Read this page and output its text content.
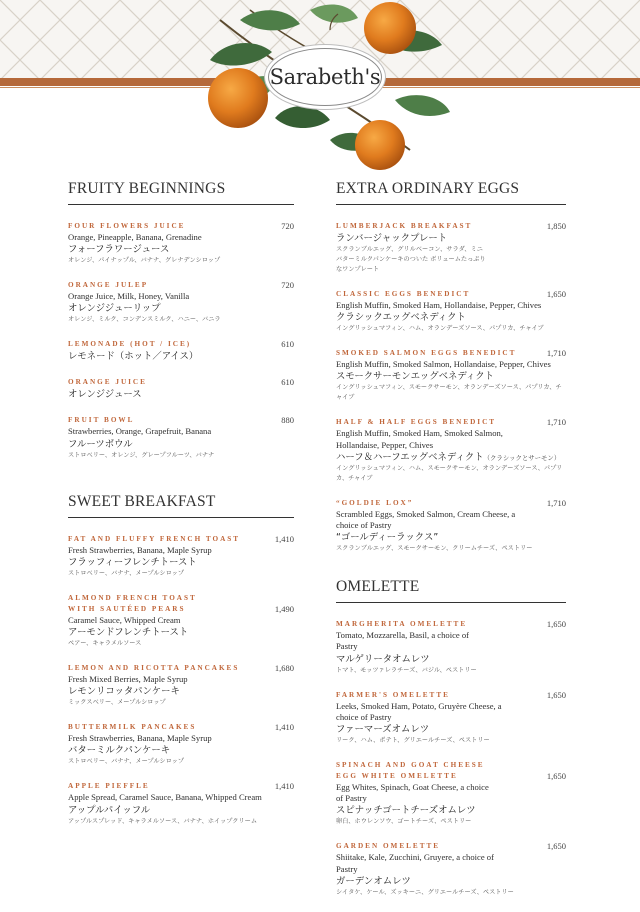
Sarabeth's
FRUITY BEGINNINGS
FOUR FLOWERS JUICE	720
Orange, Pineapple, Banana, Grenadine
フォーフラワージュース
オレンジ、パイナップル、バナナ、グレナデンシロップ
ORANGE JULEP	720
Orange Juice, Milk, Honey, Vanilla
オレンジジューリップ
オレンジ、ミルク、コンデンスミルク、ハニー、バニラ
LEMONADE (HOT / ICE)	610
レモネード（ホット／アイス）
ORANGE JUICE	610
オレンジジュース
FRUIT BOWL	880
Strawberries, Orange, Grapefruit, Banana
フルーツボウル
ストロベリー、オレンジ、グレープフルーツ、バナナ
SWEET BREAKFAST
FAT AND FLUFFY FRENCH TOAST	1,410
Fresh Strawberries, Banana, Maple Syrup
フラッフィーフレンチトースト
ストロベリー、バナナ、メープルシロップ
ALMOND FRENCH TOAST WITH SAUTÉED PEARS	1,490
Caramel Sauce, Whipped Cream
アーモンドフレンチトースト
ペアー、キャラメルソース
LEMON AND RICOTTA PANCAKES	1,680
Fresh Mixed Berries, Maple Syrup
レモンリコッタパンケーキ
ミックスベリー、メープルシロップ
BUTTERMILK PANCAKES	1,410
Fresh Strawberries, Banana, Maple Syrup
バターミルクパンケーキ
ストロベリー、バナナ、メープルシロップ
APPLE PIEFFLE	1,410
Apple Spread, Caramel Sauce, Banana, Whipped Cream
アップルパイッフル
アップルスプレッド、キャラメルソース、バナナ、ホイップクリーム
EXTRA ORDINARY EGGS
LUMBERJACK BREAKFAST	1,850
ランバージャックプレート
スクランブルエッグ、グリルベーコン、サラダ、ミニバターミルクパンケーキのついた ボリュームたっぷりなワンプレート
CLASSIC EGGS BENEDICT	1,650
English Muffin, Smoked Ham, Hollandaise, Pepper, Chives
クラシックエッグベネディクト
イングリッシュマフィン、ハム、オランデーズソース、パプリカ、チャイブ
SMOKED SALMON EGGS BENEDICT	1,710
English Muffin, Smoked Salmon, Hollandaise, Pepper, Chives
スモークサーモンエッグベネディクト
イングリッシュマフィン、スモークサーモン、オランデーズソース、パプリカ、チャイブ
HALF & HALF EGGS BENEDICT	1,710
English Muffin, Smoked Ham, Smoked Salmon, Hollandaise, Pepper, Chives
ハーフ＆ハーフエッグベネディクト（クラシックとサーモン）
イングリッシュマフィン、ハム、スモークサーモン、オランデーズソース、パプリカ、チャイブ
“GOLDIE LOX”	1,710
Scrambled Eggs, Smoked Salmon, Cream Cheese, a choice of Pastry
“ゴールディーラックス”
スクランブルエッグ、スモークサーモン、クリームチーズ、ペストリー
OMELETTE
MARGHERITA OMELETTE	1,650
Tomato, Mozzarella, Basil, a choice of Pastry
マルゲリータオムレツ
トマト、モッツァレラチーズ、バジル、ペストリー
FARMER'S OMELETTE	1,650
Leeks, Smoked Ham, Potato, Gruyère Cheese, a choice of Pastry
ファーマーズオムレツ
リーク、ハム、ポテト、グリエールチーズ、ペストリー
SPINACH AND GOAT CHEESE EGG WHITE OMELETTE	1,650
Egg Whites, Spinach, Goat Cheese, a choice of Pastry
スピナッチゴートチーズオムレツ
卵白、ホウレンソウ、ゴートチーズ、ペストリー
GARDEN OMELETTE	1,650
Shiitake, Kale, Zucchini, Gruyere, a choice of Pastry
ガーデンオムレツ
シイタケ、ケール、ズッキーニ、グリエールチーズ、ペストリー
